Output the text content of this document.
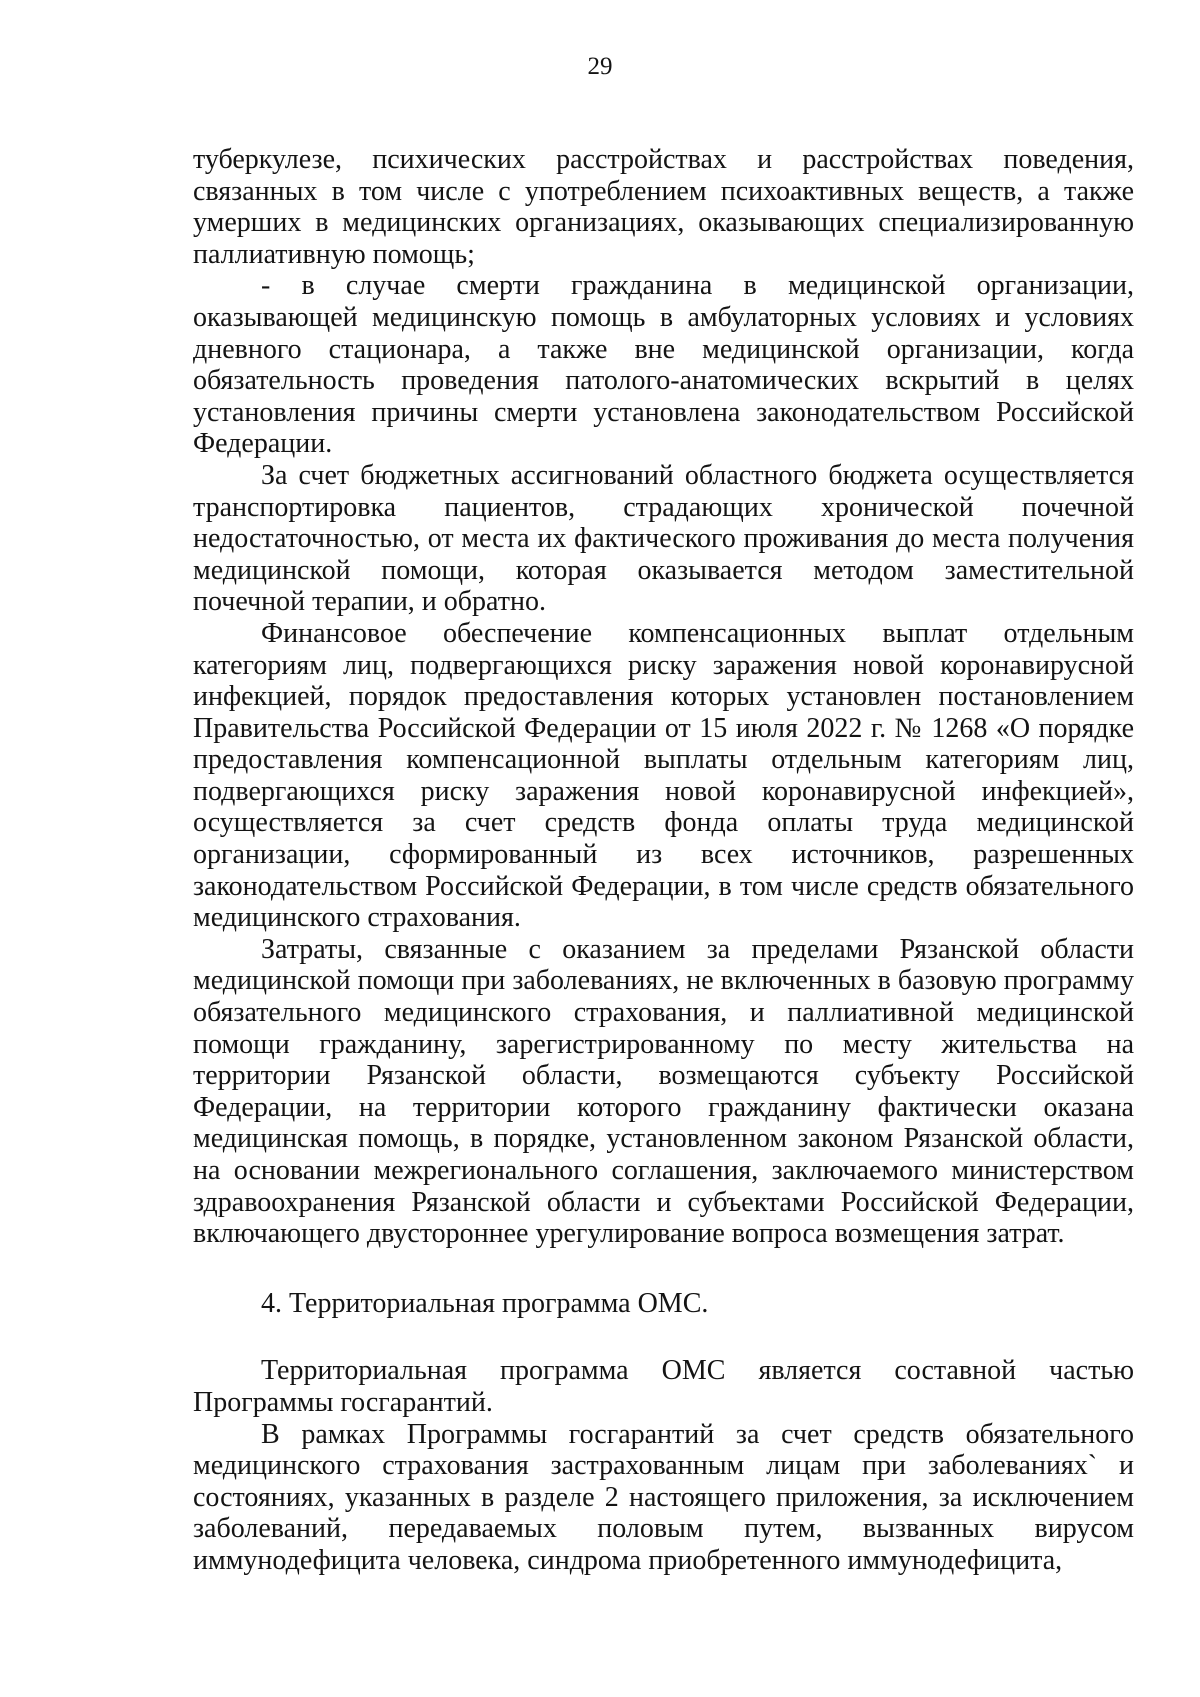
29

туберкулезе, психических расстройствах и расстройствах поведения, связанных в том числе с употреблением психоактивных веществ, а также умерших в медицинских организациях, оказывающих специализированную паллиативную помощь;

- в случае смерти гражданина в медицинской организации, оказывающей медицинскую помощь в амбулаторных условиях и условиях дневного стационара, а также вне медицинской организации, когда обязательность проведения патолого-анатомических вскрытий в целях установления причины смерти установлена законодательством Российской Федерации.

За счет бюджетных ассигнований областного бюджета осуществляется транспортировка пациентов, страдающих хронической почечной недостаточностью, от места их фактического проживания до места получения медицинской помощи, которая оказывается методом заместительной почечной терапии, и обратно.

Финансовое обеспечение компенсационных выплат отдельным категориям лиц, подвергающихся риску заражения новой коронавирусной инфекцией, порядок предоставления которых установлен постановлением Правительства Российской Федерации от 15 июля 2022 г. № 1268 «О порядке предоставления компенсационной выплаты отдельным категориям лиц, подвергающихся риску заражения новой коронавирусной инфекцией», осуществляется за счет средств фонда оплаты труда медицинской организации, сформированный из всех источников, разрешенных законодательством Российской Федерации, в том числе средств обязательного медицинского страхования.

Затраты, связанные с оказанием за пределами Рязанской области медицинской помощи при заболеваниях, не включенных в базовую программу обязательного медицинского страхования, и паллиативной медицинской помощи гражданину, зарегистрированному по месту жительства на территории Рязанской области, возмещаются субъекту Российской Федерации, на территории которого гражданину фактически оказана медицинская помощь, в порядке, установленном законом Рязанской области, на основании межрегионального соглашения, заключаемого министерством здравоохранения Рязанской области и субъектами Российской Федерации, включающего двустороннее урегулирование вопроса возмещения затрат.

4. Территориальная программа ОМС.

Территориальная программа ОМС является составной частью Программы госгарантий.

В рамках Программы госгарантий за счет средств обязательного медицинского страхования застрахованным лицам при заболеваниях` и состояниях, указанных в разделе 2 настоящего приложения, за исключением заболеваний, передаваемых половым путем, вызванных вирусом иммунодефицита человека, синдрома приобретенного иммунодефицита,
